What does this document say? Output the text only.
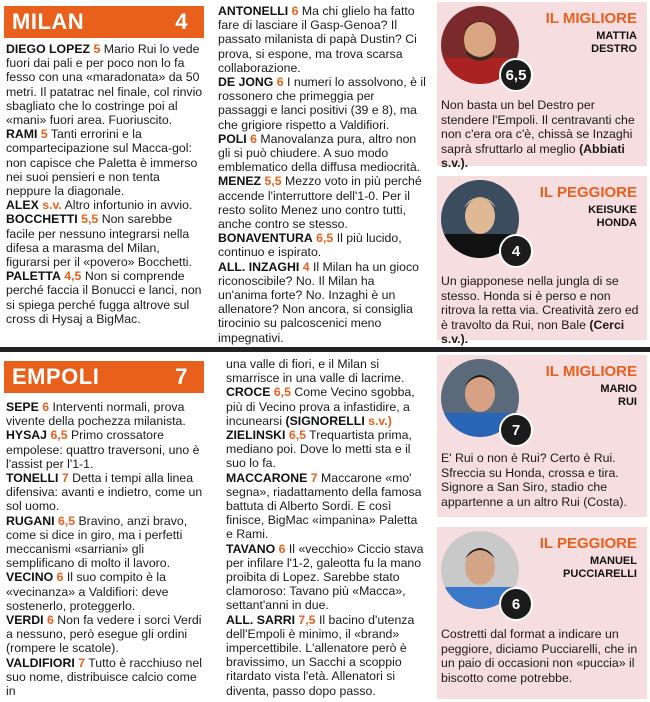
MILAN	4

DIEGO LOPEZ 5 Mario Rui lo vede fuori dai pali e per poco non lo fa fesso con una «maradonata» da 50 metri. Il patatrac nel finale, col rinvio sbagliato che lo costringe poi al «mani» fuori area. Fuoriuscito.

RAMI 5 Tanti errorini e la compartecipazione sul Macca-gol: non capisce che Paletta è immerso nei suoi pensieri e non tenta neppure la diagonale.

ALEX s.v. Altro infortunio in avvio.

BOCCHETTI 5,5 Non sarebbe facile per nessuno integrarsi nella difesa a marasma del Milan, figurarsi per il «povero» Bocchetti.

PALETTA 4,5 Non si comprende perché faccia il Bonucci e lanci, non si spiega perché fugga altrove sul cross di Hysaj a BigMac.

ANTONELLI 6 Ma chi glielo ha fatto fare di lasciare il Gasp-Genoa? Il passato milanista di papà Dustin? Ci prova, si espone, ma trova scarsa collaborazione.

DE JONG 6 I numeri lo assolvono, è il rossonero che primeggia per passaggi e lanci positivi (39 e 8), ma che grigiore rispetto a Valdifiori.

POLI 6 Manovalanza pura, altro non gli si può chiudere. A suo modo emblematico della diffusa mediocrità.

MENEZ 5,5 Mezzo voto in più perché accende l'interruttore dell'1-0. Per il resto solito Menez uno contro tutti, anche contro se stesso.

BONAVENTURA 6,5 Il più lucido, continuo e ispirato.

ALL. INZAGHI 4 Il Milan ha un gioco riconoscibile? No. Il Milan ha un'anima forte? No. Inzaghi è un allenatore? Non ancora, si consiglia tirocinio su palcoscenici meno impegnativi.

6,5
IL MIGLIORE
MATTIA
DESTRO
Non basta un bel Destro per stendere l'Empoli. Il centravanti che non c'era ora c'è, chissà se Inzaghi saprà sfruttarlo al meglio (Abbiati s.v.).
4
IL PEGGIORE
KEISUKE
HONDA
Un giapponese nella jungla di se stesso. Honda si è perso e non ritrova la retta via. Creatività zero ed è travolto da Rui, non Bale (Cerci s.v.).
EMPOLI	7

SEPE 6 Interventi normali, prova vivente della pochezza milanista.

HYSAJ 6,5 Primo crossatore empolese: quattro traversoni, uno è l'assist per l'1-1.

TONELLI 7 Detta i tempi alla linea difensiva: avanti e indietro, come un sol uomo.

RUGANI 6,5 Bravino, anzi bravo, come si dice in giro, ma i perfetti meccanismi «sarriani» gli semplificano di molto il lavoro.

VECINO 6 Il suo compito è la «vecinanza» a Valdifiori: deve sostenerlo, proteggerlo.

VERDI 6 Non fa vedere i sorci Verdi a nessuno, però esegue gli ordini (rompere le scatole).

VALDIFIORI 7 Tutto è racchiuso nel suo nome, distribuisce calcio come in

una valle di fiori, e il Milan si smarrisce in una valle di lacrime.

CROCE 6,5 Come Vecino sgobba, più di Vecino prova a infastidire, a incunearsi (SIGNORELLI s.v.)

ZIELINSKI 6,5 Trequartista prima, mediano poi. Dove lo metti sta e il suo lo fa.

MACCARONE 7 Maccarone «mo' segna», riadattamento della famosa battuta di Alberto Sordi. E così finisce, BigMac «impanina» Paletta e Rami.

TAVANO 6 Il «vecchio» Ciccio stava per infilare l'1-2, galeotta fu la mano proibita di Lopez. Sarebbe stato clamoroso: Tavano più «Macca», settant'anni in due.

ALL. SARRI 7,5 Il bacino d'utenza dell'Empoli è minimo, il «brand» impercettibile. L'allenatore però è bravissimo, un Sacchi a scoppio ritardato vista l'età. Allenatori si diventa, passo dopo passo.

7
IL MIGLIORE
MARIO
RUI
E' Rui o non è Rui? Certo è Rui. Sfreccia su Honda, crossa e tira. Signore a San Siro, stadio che appartenne a un altro Rui (Costa).
6
IL PEGGIORE
MANUEL
PUCCIARELLI
Costretti dal format a indicare un peggiore, diciamo Pucciarelli, che in un paio di occasioni non «puccia» il biscotto come potrebbe.
